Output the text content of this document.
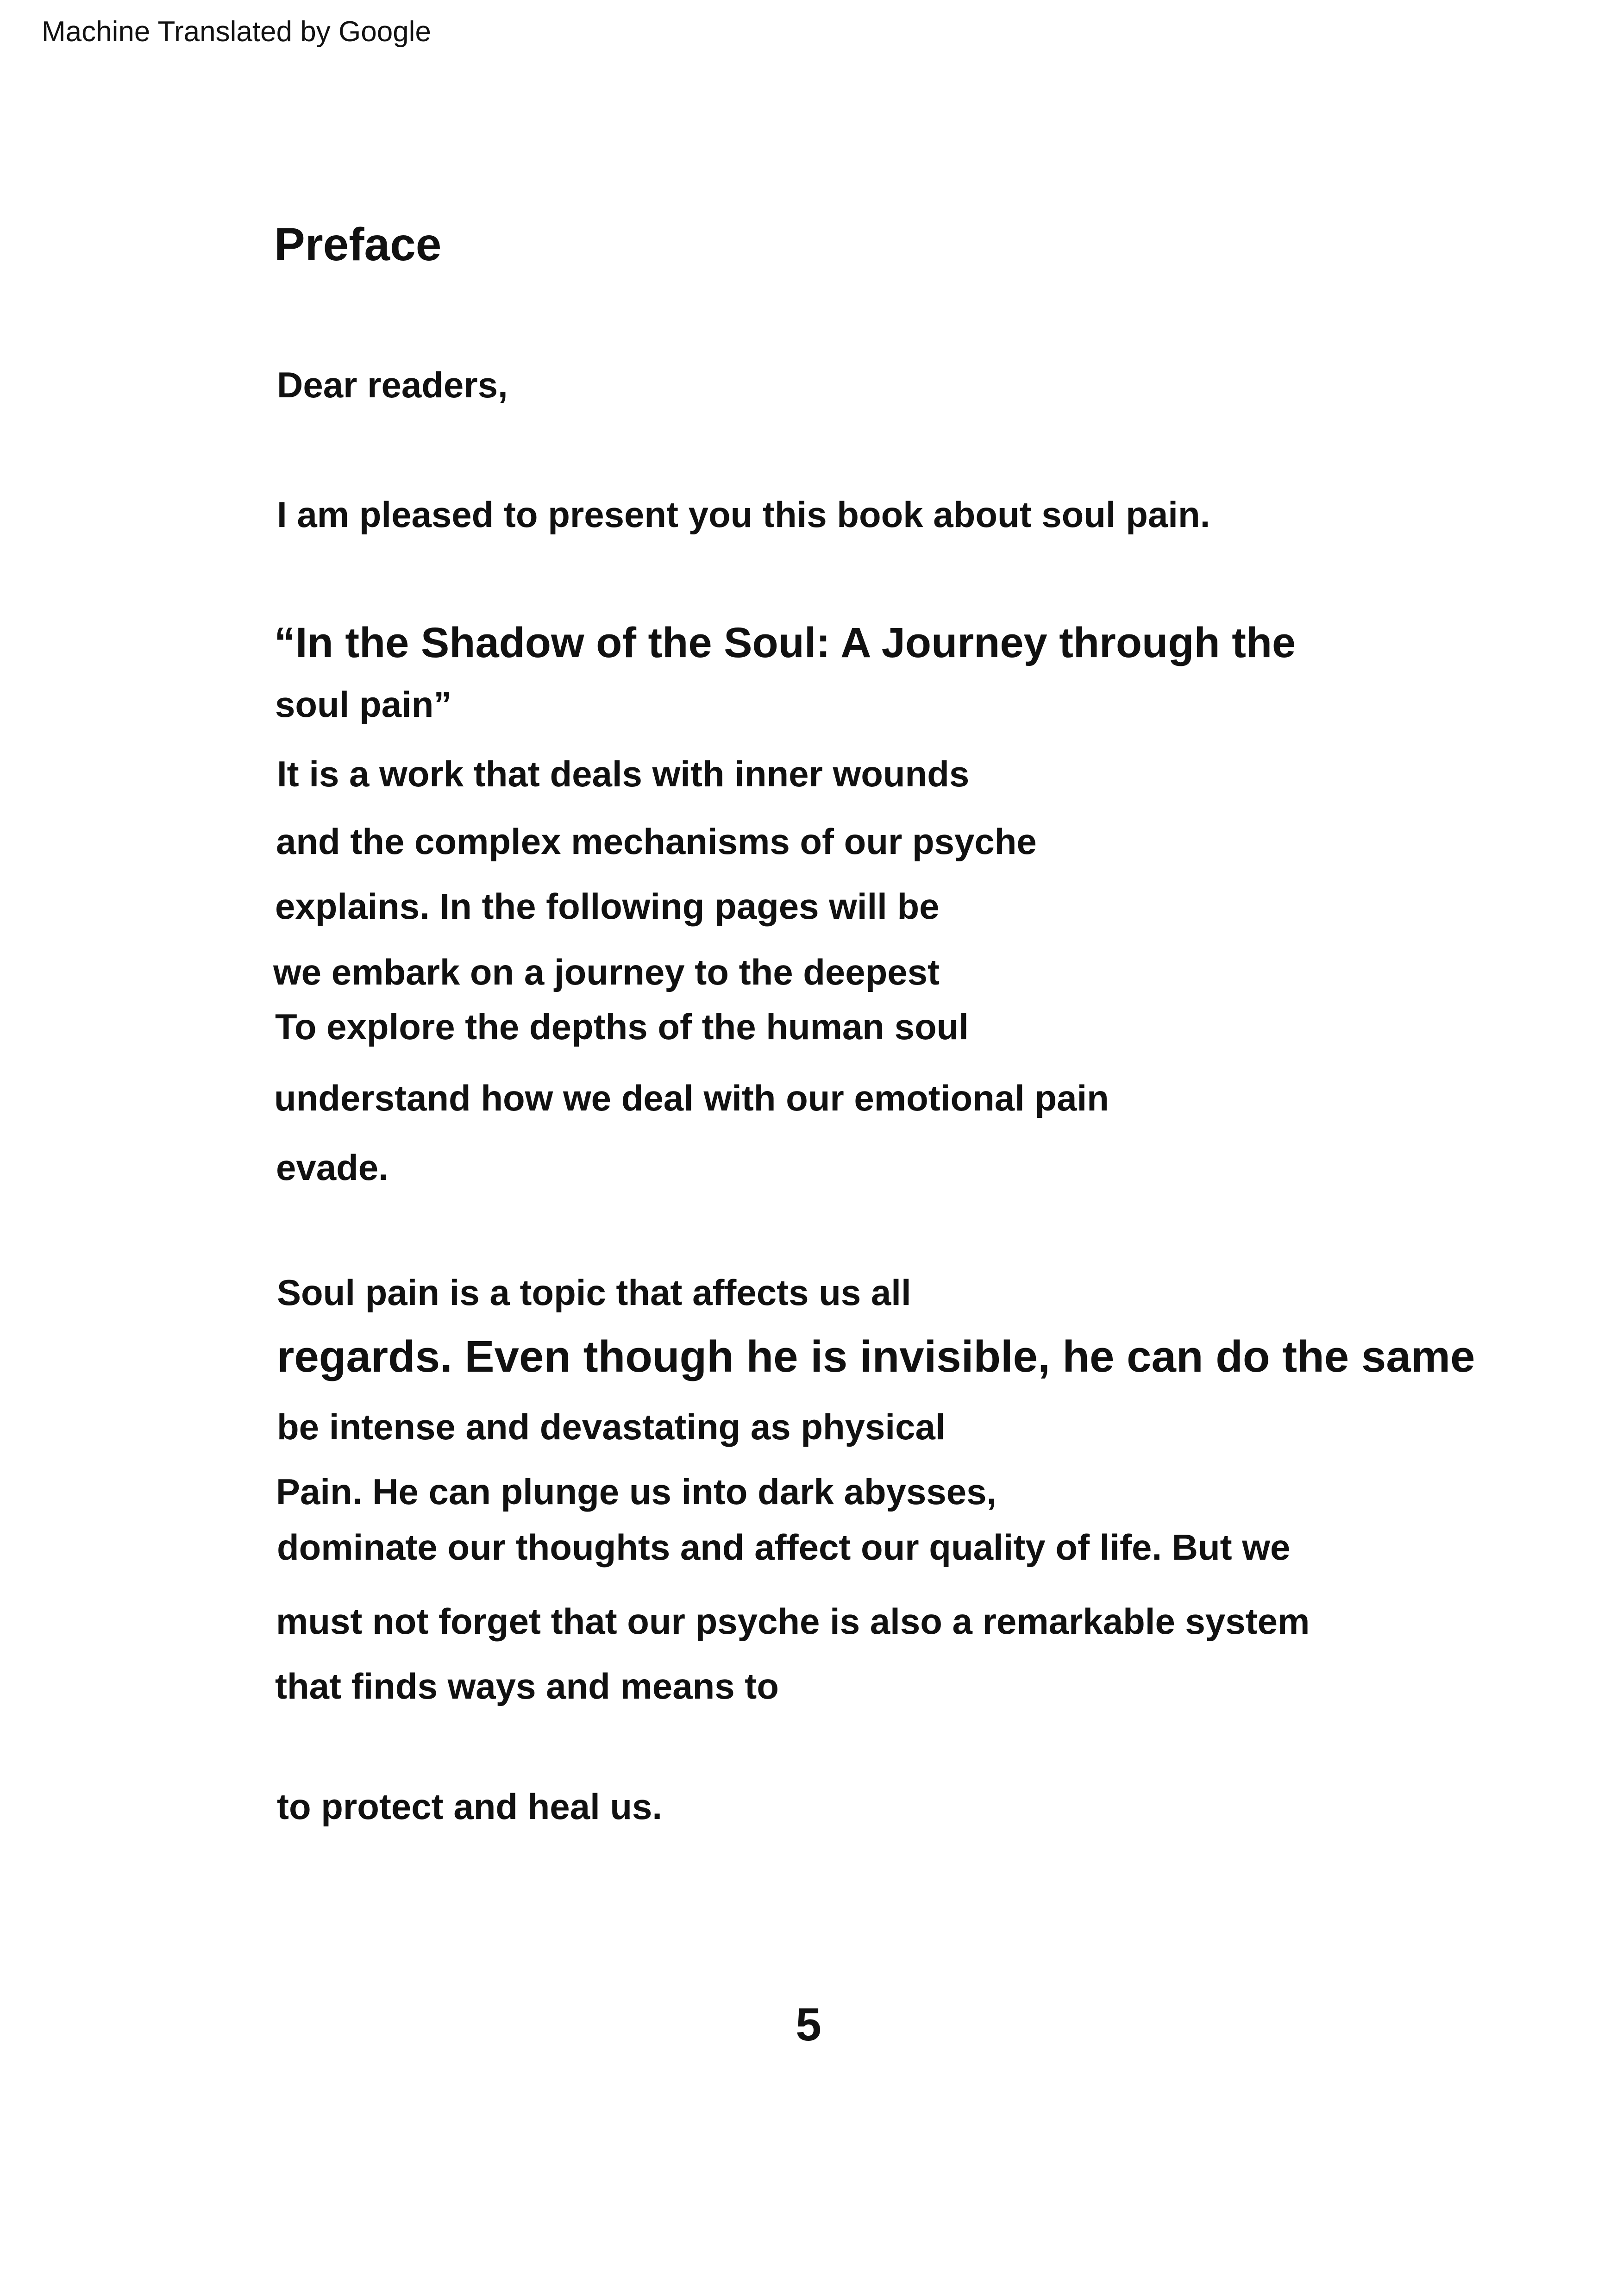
Machine Translated by Google
Preface

Dear readers,

I am pleased to present you this book about soul pain.

“In the Shadow of the Soul: A Journey through the

soul pain”

It is a work that deals with inner wounds

and the complex mechanisms of our psyche

explains. In the following pages will be

we embark on a journey to the deepest

To explore the depths of the human soul

understand how we deal with our emotional pain

evade.

Soul pain is a topic that affects us all

regards. Even though he is invisible, he can do the same

be intense and devastating as physical

Pain. He can plunge us into dark abysses,

dominate our thoughts and affect our quality of life. But we

must not forget that our psyche is also a remarkable system

that finds ways and means to

to protect and heal us.

5
